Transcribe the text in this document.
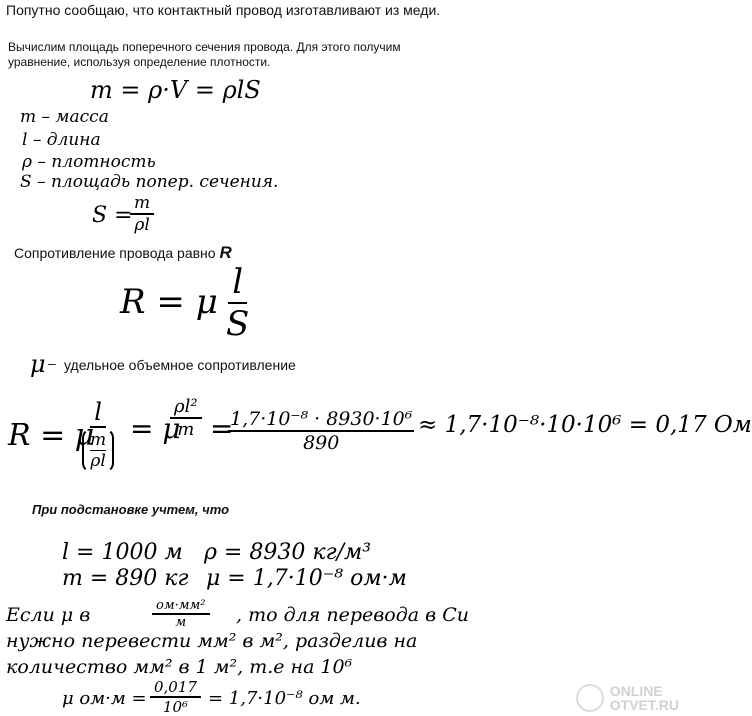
Попутно сообщаю, что контактный провод изготавливают из меди.
Вычислим площадь поперечного сечения провода. Для этого получим
уравнение, используя определение плотности.
m = ρ·V = ρlS
m – масса
l – длина
ρ – плотность
S – площадь попер. сечения.
S =
$\frac{m}{\rho l}$
Сопротивление провода равно R
R = μ $\frac{l}{S}$
μ – удельное объемное сопротивление
R = μ
l
$\frac{m}{\rho l} = \mu$
$\frac{\text{ρl²}}{m}$ =
$\frac{\text{1,7·10⁻⁸ · 8930·10⁶}}{890} \approx 1,7\cdot 10^{-8}\cdot 10\cdot 10^6 = 0,17$ Ом
При подстановке учтем, что
l = 1000 м ρ = 8930 кг/м³
m = 890 кг μ = 1,7·10⁻⁸ ом·м
Если μ в	ом·мм²
м	, то для перевода в Си
нужно перевести мм² в м², разделив на
количество мм² в 1 м², т.е на 10⁶
μ $ом\cdot м = \frac{0,017}{\text{10⁶}} = 1,7\cdot 10^{-8}$ ом м.	ONLINE
OTVET.RU
